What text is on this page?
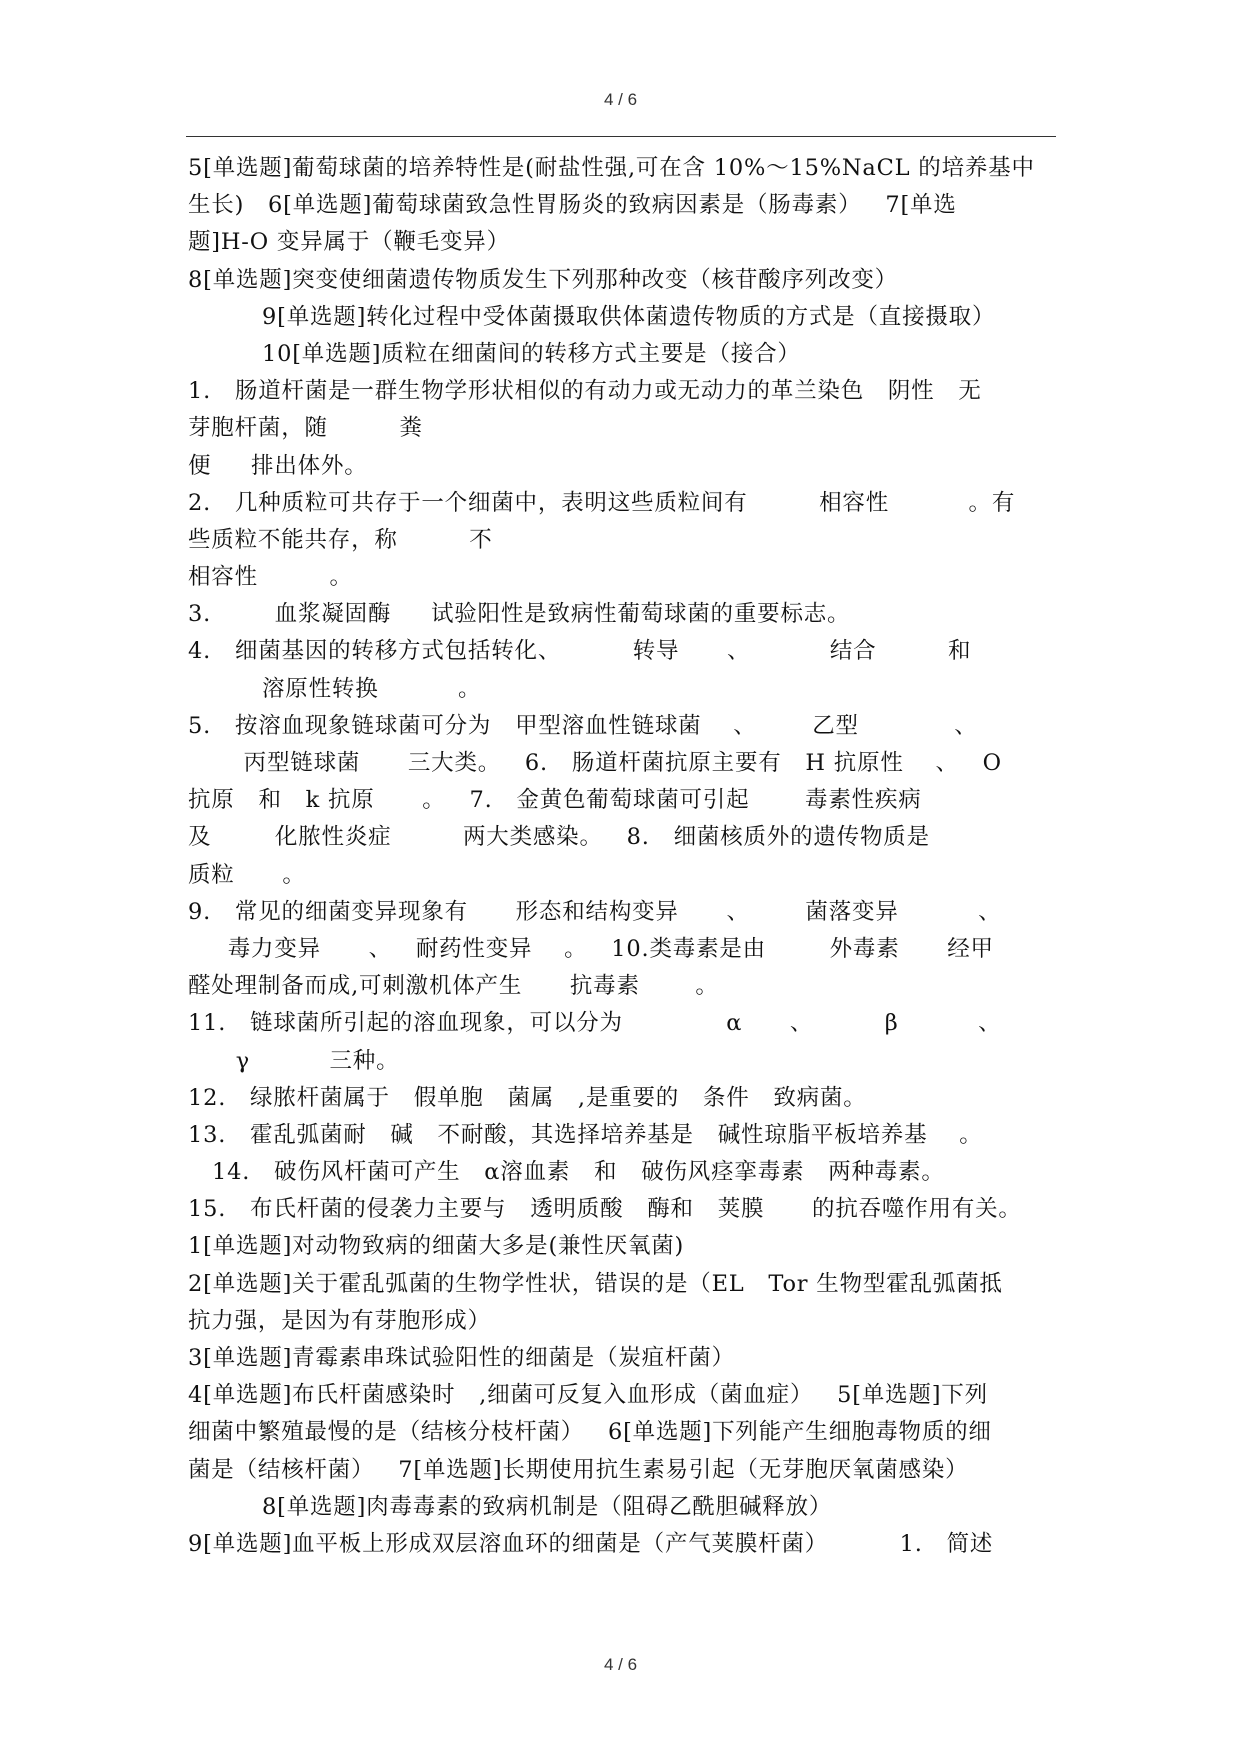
4 / 6
5[单选题]葡萄球菌的培养特性是(耐盐性强,可在含 10%～15%NaCL 的培养基中
生长)   6[单选题]葡萄球菌致急性胃肠炎的致病因素是（肠毒素）   7[单选
题]H-O 变异属于（鞭毛变异）
8[单选题]突变使细菌遗传物质发生下列那种改变（核苷酸序列改变）
9[单选题]转化过程中受体菌摄取供体菌遗传物质的方式是（直接摄取）
10[单选题]质粒在细菌间的转移方式主要是（接合）
1.   肠道杆菌是一群生物学形状相似的有动力或无动力的革兰染色   阴性   无
芽胞杆菌，随         粪
便     排出体外。
2.   几种质粒可共存于一个细菌中，表明这些质粒间有         相容性          。有
些质粒不能共存，称         不
相容性         。
3.        血浆凝固酶     试验阳性是致病性葡萄球菌的重要标志。
4.   细菌基因的转移方式包括转化、         转导      、          结合         和
溶原性转换          。
5.   按溶血现象链球菌可分为   甲型溶血性链球菌    、       乙型            、
丙型链球菌      三大类。   6.   肠道杆菌抗原主要有   H 抗原性    、   O
抗原   和   k 抗原      。   7.   金黄色葡萄球菌可引起       毒素性疾病
及        化脓性炎症         两大类感染。   8.   细菌核质外的遗传物质是
质粒      。
9.   常见的细菌变异现象有      形态和结构变异      、       菌落变异          、
毒力变异      、   耐药性变异    。   10.类毒素是由        外毒素      经甲
醛处理制备而成,可刺激机体产生      抗毒素       。
11.   链球菌所引起的溶血现象，可以分为             α      、         β          、
γ          三种。
12.   绿脓杆菌属于   假单胞   菌属   ,是重要的   条件   致病菌。
13.   霍乱弧菌耐   碱   不耐酸，其选择培养基是   碱性琼脂平板培养基    。
14.   破伤风杆菌可产生   α溶血素   和   破伤风痉挛毒素   两种毒素。
15.   布氏杆菌的侵袭力主要与   透明质酸   酶和   荚膜      的抗吞噬作用有关。
1[单选题]对动物致病的细菌大多是(兼性厌氧菌)
2[单选题]关于霍乱弧菌的生物学性状，错误的是（EL   Tor 生物型霍乱弧菌抵
抗力强，是因为有芽胞形成）
3[单选题]青霉素串珠试验阳性的细菌是（炭疽杆菌）
4[单选题]布氏杆菌感染时   ,细菌可反复入血形成（菌血症）   5[单选题]下列
细菌中繁殖最慢的是（结核分枝杆菌）   6[单选题]下列能产生细胞毒物质的细
菌是（结核杆菌）   7[单选题]长期使用抗生素易引起（无芽胞厌氧菌感染）
8[单选题]肉毒毒素的致病机制是（阻碍乙酰胆碱释放）
9[单选题]血平板上形成双层溶血环的细菌是（产气荚膜杆菌）         1.   简述
4 / 6
